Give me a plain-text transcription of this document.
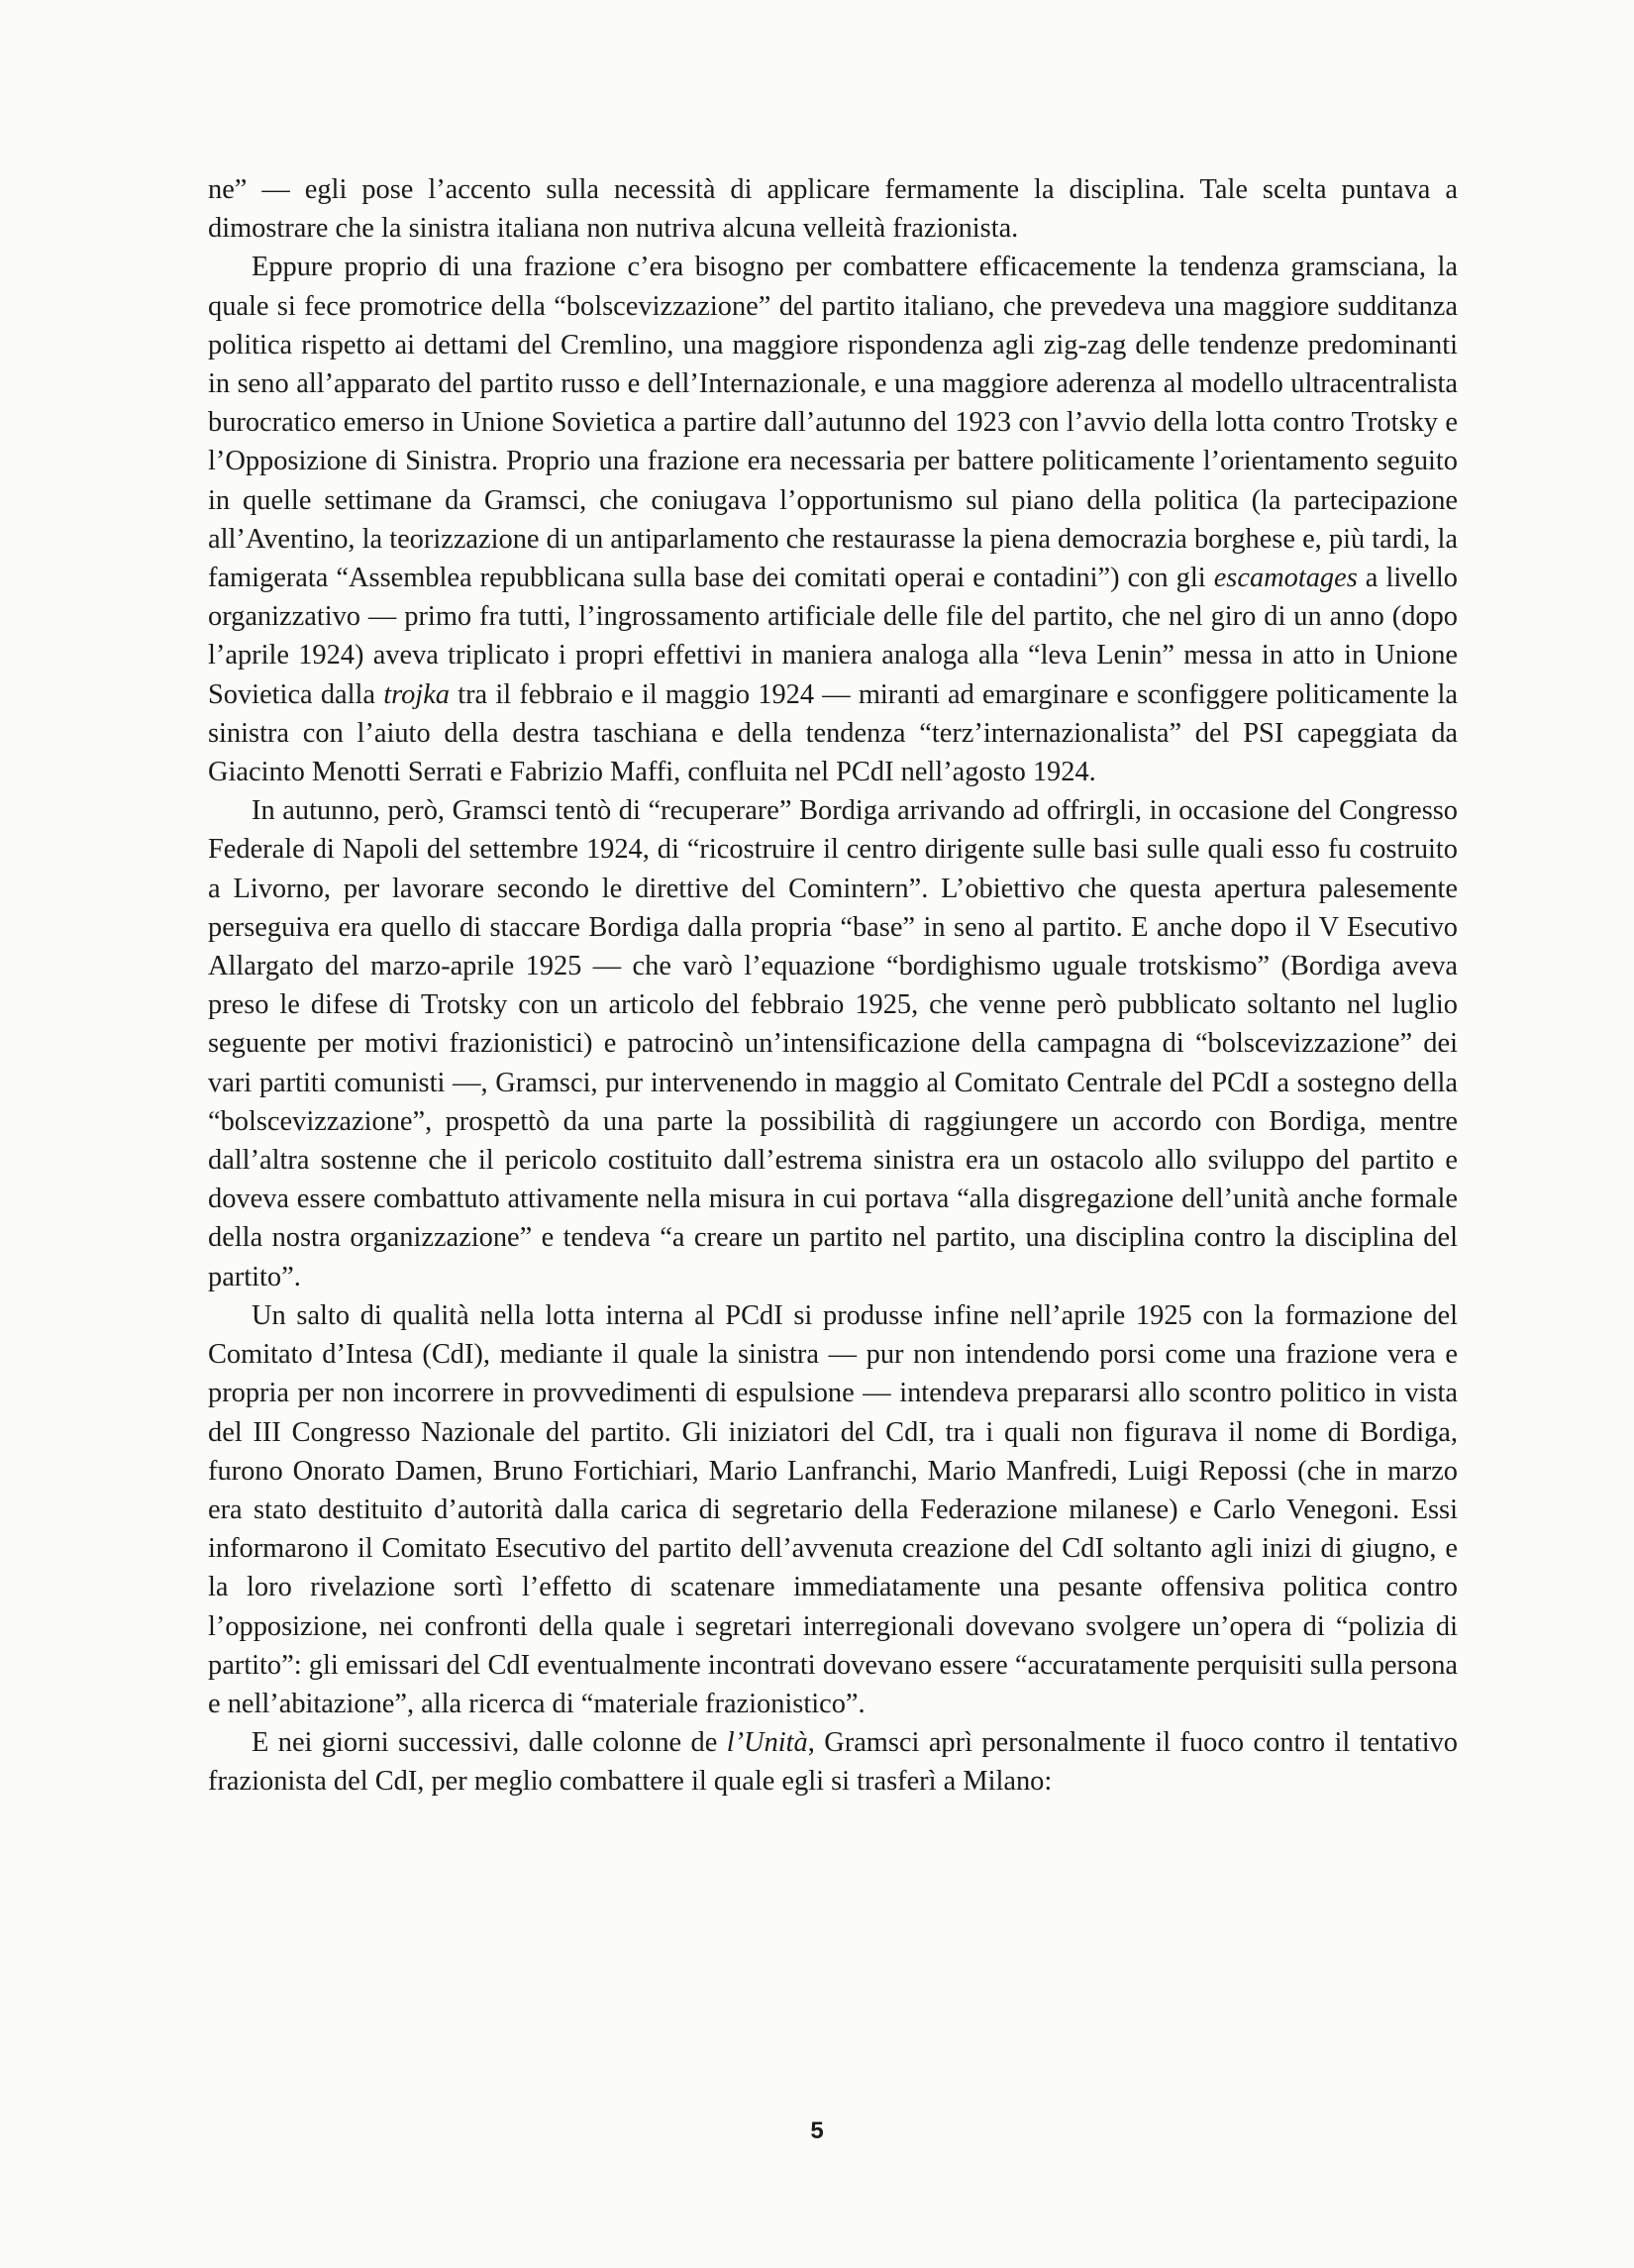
ne” — egli pose l’accento sulla necessità di applicare fermamente la disciplina. Tale scelta puntava a dimostrare che la sinistra italiana non nutriva alcuna velleità frazionista.

Eppure proprio di una frazione c’era bisogno per combattere efficacemente la tendenza gramsciana, la quale si fece promotrice della “bolscevizzazione” del partito italiano, che prevedeva una maggiore sudditanza politica rispetto ai dettami del Cremlino, una maggiore rispondenza agli zig-zag delle tendenze predominanti in seno all’apparato del partito russo e dell’Internazionale, e una maggiore aderenza al modello ultracentralista burocratico emerso in Unione Sovietica a partire dall’autunno del 1923 con l’avvio della lotta contro Trotsky e l’Opposizione di Sinistra. Proprio una frazione era necessaria per battere politicamente l’orientamento seguito in quelle settimane da Gramsci, che coniugava l’opportunismo sul piano della politica (la partecipazione all’Aventino, la teorizzazione di un antiparlamento che restaurasse la piena democrazia borghese e, più tardi, la famigerata “Assemblea repubblicana sulla base dei comitati operai e contadini”) con gli escamotages a livello organizzativo — primo fra tutti, l’ingrossamento artificiale delle file del partito, che nel giro di un anno (dopo l’aprile 1924) aveva triplicato i propri effettivi in maniera analoga alla “leva Lenin” messa in atto in Unione Sovietica dalla trojka tra il febbraio e il maggio 1924 — miranti ad emarginare e sconfiggere politicamente la sinistra con l’aiuto della destra taschiana e della tendenza “terz’internazionalista” del PSI capeggiata da Giacinto Menotti Serrati e Fabrizio Maffi, confluita nel PCdI nell’agosto 1924.

In autunno, però, Gramsci tentò di “recuperare” Bordiga arrivando ad offrirgli, in occasione del Congresso Federale di Napoli del settembre 1924, di “ricostruire il centro dirigente sulle basi sulle quali esso fu costruito a Livorno, per lavorare secondo le direttive del Comintern”. L’obiettivo che questa apertura palesemente perseguiva era quello di staccare Bordiga dalla propria “base” in seno al partito. E anche dopo il V Esecutivo Allargato del marzo-aprile 1925 — che varò l’equazione “bordighismo uguale trotskismo” (Bordiga aveva preso le difese di Trotsky con un articolo del febbraio 1925, che venne però pubblicato soltanto nel luglio seguente per motivi frazionistici) e patrocinò un’intensificazione della campagna di “bolscevizzazione” dei vari partiti comunisti —, Gramsci, pur intervenendo in maggio al Comitato Centrale del PCdI a sostegno della “bolscevizzazione”, prospettò da una parte la possibilità di raggiungere un accordo con Bordiga, mentre dall’altra sostenne che il pericolo costituito dall’estrema sinistra era un ostacolo allo sviluppo del partito e doveva essere combattuto attivamente nella misura in cui portava “alla disgregazione dell’unità anche formale della nostra organizzazione” e tendeva “a creare un partito nel partito, una disciplina contro la disciplina del partito”.

Un salto di qualità nella lotta interna al PCdI si produsse infine nell’aprile 1925 con la formazione del Comitato d’Intesa (CdI), mediante il quale la sinistra — pur non intendendo porsi come una frazione vera e propria per non incorrere in provvedimenti di espulsione — intendeva prepararsi allo scontro politico in vista del III Congresso Nazionale del partito. Gli iniziatori del CdI, tra i quali non figurava il nome di Bordiga, furono Onorato Damen, Bruno Fortichiari, Mario Lanfranchi, Mario Manfredi, Luigi Repossi (che in marzo era stato destituito d’autorità dalla carica di segretario della Federazione milanese) e Carlo Venegoni. Essi informarono il Comitato Esecutivo del partito dell’avvenuta creazione del CdI soltanto agli inizi di giugno, e la loro rivelazione sortì l’effetto di scatenare immediatamente una pesante offensiva politica contro l’opposizione, nei confronti della quale i segretari interregionali dovevano svolgere un’opera di “polizia di partito”: gli emissari del CdI eventualmente incontrati dovevano essere “accuratamente perquisiti sulla persona e nell’abitazione”, alla ricerca di “materiale frazionistico”.

E nei giorni successivi, dalle colonne de l’Unità, Gramsci aprì personalmente il fuoco contro il tentativo frazionista del CdI, per meglio combattere il quale egli si trasferì a Milano:

5
